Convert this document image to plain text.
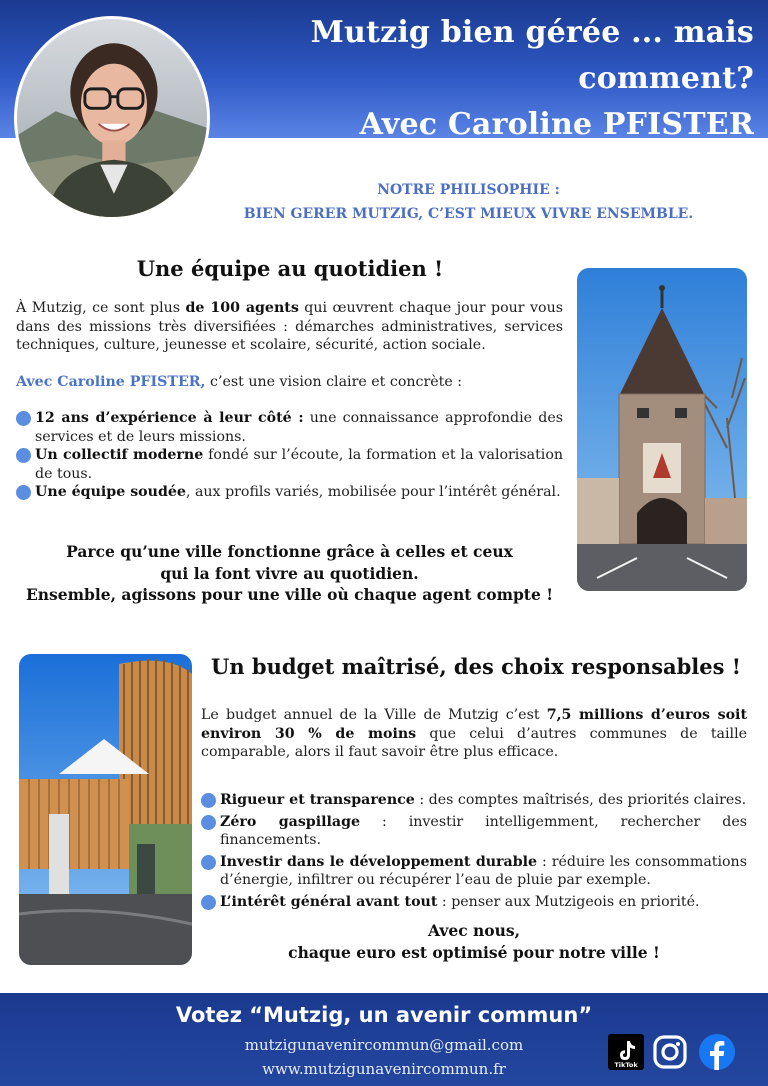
Mutzig bien gérée ... mais comment?
Avec Caroline PFISTER
NOTRE PHILISOPHIE :
BIEN GERER MUTZIG, C’EST MIEUX VIVRE ENSEMBLE.
Une équipe au quotidien !
À Mutzig, ce sont plus de 100 agents qui œuvrent chaque jour pour vous dans des missions très diversifiées : démarches administratives, services techniques, culture, jeunesse et scolaire, sécurité, action sociale.
Avec Caroline PFISTER, c’est une vision claire et concrète :
12 ans d’expérience à leur côté : une connaissance approfondie des services et de leurs missions.
Un collectif moderne fondé sur l’écoute, la formation et la valorisation de tous.
Une équipe soudée, aux profils variés, mobilisée pour l’intérêt général.
Parce qu’une ville fonctionne grâce à celles et ceux
qui la font vivre au quotidien.
Ensemble, agissons pour une ville où chaque agent compte !
Un budget maîtrisé, des choix responsables !
Le budget annuel de la Ville de Mutzig c’est 7,5 millions d’euros soit environ 30 % de moins que celui d’autres communes de taille comparable, alors il faut savoir être plus efficace.
Rigueur et transparence : des comptes maîtrisés, des priorités claires.
Zéro gaspillage : investir intelligemment, rechercher des financements.
Investir dans le développement durable : réduire les consommations d’énergie, infiltrer ou récupérer l’eau de pluie par exemple.
L’intérêt général avant tout : penser aux Mutzigeois en priorité.
Avec nous,
chaque euro est optimisé pour notre ville !
Votez “Mutzig, un avenir commun”
mutzigunavenircommun@gmail.com
www.mutzigunavenircommun.fr	TikTok
